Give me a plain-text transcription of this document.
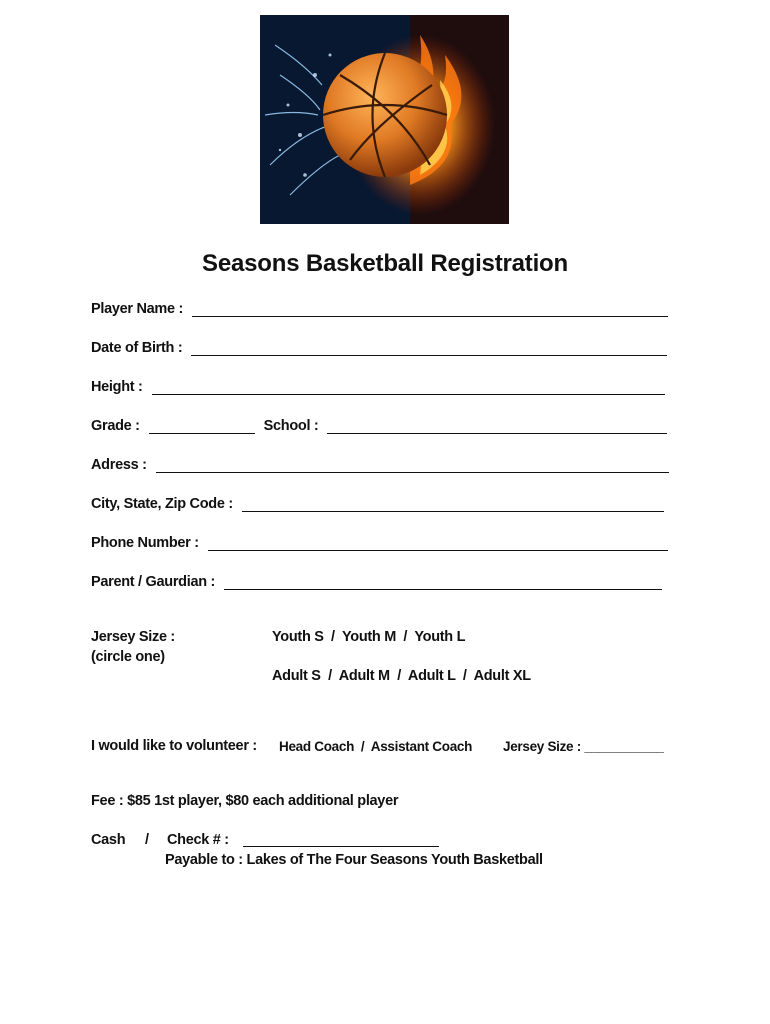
Seasons Basketball Registration
Player Name :
Date of Birth :
Height :
Grade :	School :
Adress :
City, State, Zip Code :
Phone Number :
Parent / Gaurdian :
Jersey Size :
(circle one)
Youth S  /  Youth M  /  Youth L
Adult S  /  Adult M  /  Adult L  /  Adult XL
I would like to volunteer : Head Coach  /  Assistant Coach Jersey Size : ___________
Fee : $85 1st player, $80 each additional player
Cash / Check # :
Payable to : Lakes of The Four Seasons Youth Basketball
